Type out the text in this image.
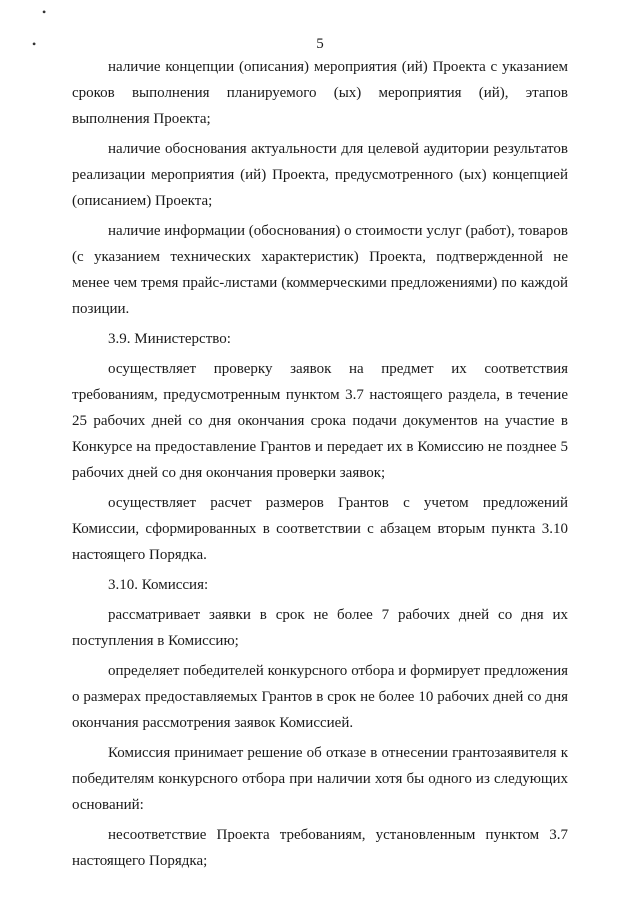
•
•	5

наличие концепции (описания) мероприятия (ий) Проекта с указанием сроков выполнения планируемого (ых) мероприятия (ий), этапов выполнения Проекта;

наличие обоснования актуальности для целевой аудитории результатов реализации мероприятия (ий) Проекта, предусмотренного (ых) концепцией (описанием) Проекта;

наличие информации (обоснования) о стоимости услуг (работ), товаров (с указанием технических характеристик) Проекта, подтвержденной не менее чем тремя прайс-листами (коммерческими предложениями) по каждой позиции.

3.9. Министерство:

осуществляет проверку заявок на предмет их соответствия требованиям, предусмотренным пунктом 3.7 настоящего раздела, в течение 25 рабочих дней со дня окончания срока подачи документов на участие в Конкурсе на предоставление Грантов и передает их в Комиссию не позднее 5 рабочих дней со дня окончания проверки заявок;

осуществляет расчет размеров Грантов с учетом предложений Комиссии, сформированных в соответствии с абзацем вторым пункта 3.10 настоящего Порядка.

3.10. Комиссия:

рассматривает заявки в срок не более 7 рабочих дней со дня их поступления в Комиссию;

определяет победителей конкурсного отбора и формирует предложения о размерах предоставляемых Грантов в срок не более 10 рабочих дней со дня окончания рассмотрения заявок Комиссией.

Комиссия принимает решение об отказе в отнесении грантозаявителя к победителям конкурсного отбора при наличии хотя бы одного из следующих оснований:

несоответствие Проекта требованиям, установленным пунктом 3.7 настоящего Порядка;
